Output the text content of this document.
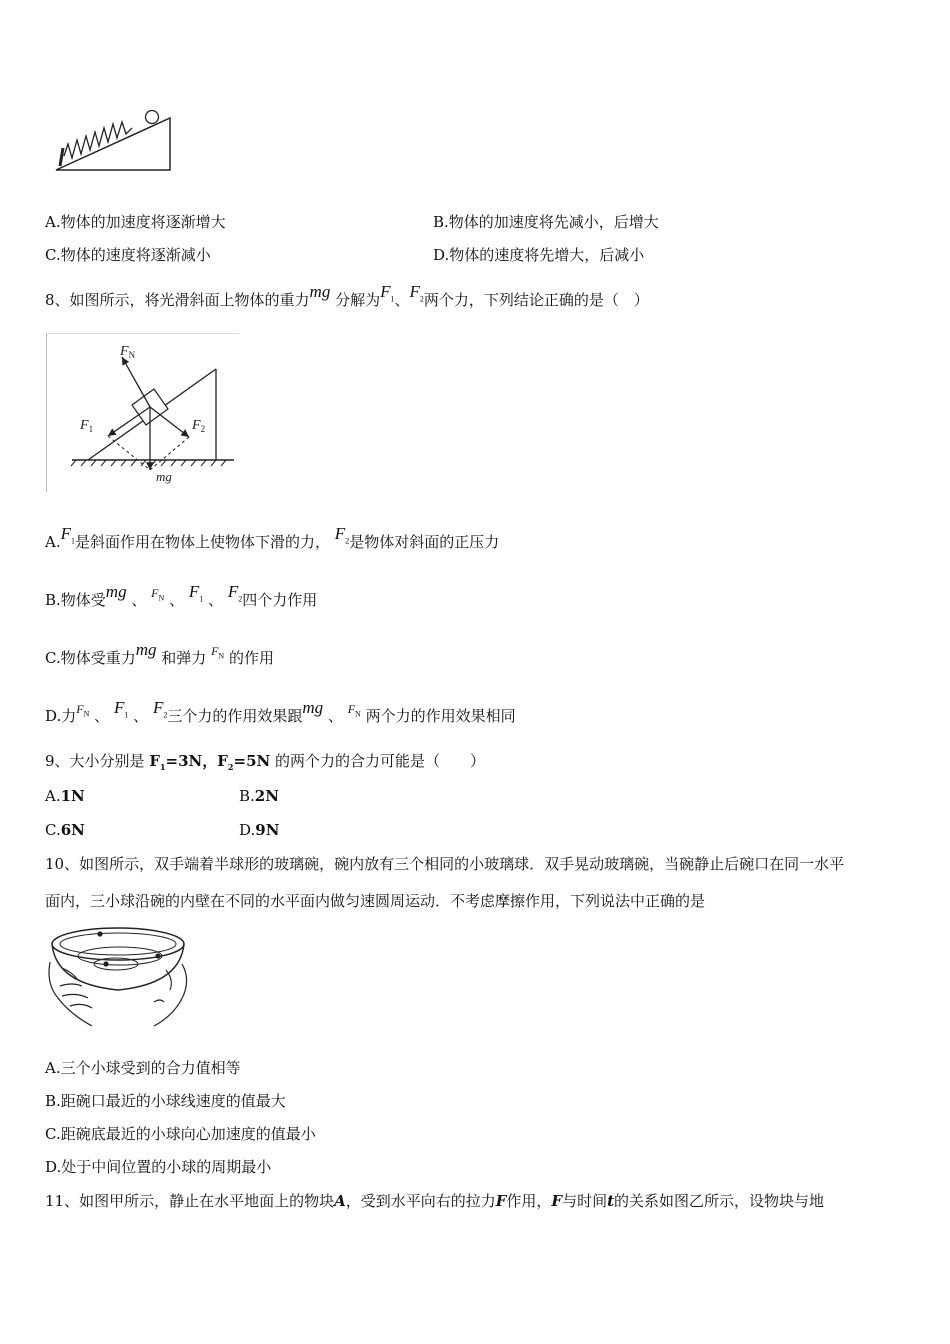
A.物体的加速度将逐渐增大	B.物体的加速度将先减小，后增大
C.物体的速度将逐渐减小	D.物体的速度将先增大，后减小
8、如图所示，将光滑斜面上物体的重力mg 分解为$F_1$、$F_2$两个力，下列结论正确的是（　）
$F_N$
$F_1$	$F_2$
mg
$A.F_1$是斜面作用在物体上使物体下滑的力， $F_2$是物体对斜面的正压力
B.物体受mg 、 $^{F_N}$ 、 $F_1$ 、 $F_2$四个力作用
C.物体受重力mg 和弹力 $^{F_N}$ 的作用
D.力$^{F_N}$ 、 $F_1$ 、 $F_2$三个力的作用效果跟mg 、 $^{F_N}$ 两个力的作用效果相同
9、大小分别是 $F_1=3N$，$F_2=5N$ 的两个力的合力可能是（　　）
A.1N	B.2N
C.6N	D.9N
10、如图所示，双手端着半球形的玻璃碗，碗内放有三个相同的小玻璃球．双手晃动玻璃碗，当碗静止后碗口在同一水平
面内，三小球沿碗的内壁在不同的水平面内做匀速圆周运动．不考虑摩擦作用，下列说法中正确的是
A.三个小球受到的合力值相等
B.距碗口最近的小球线速度的值最大
C.距碗底最近的小球向心加速度的值最小
D.处于中间位置的小球的周期最小
11、如图甲所示，静止在水平地面上的物块A，受到水平向右的拉力F作用，F与时间t的关系如图乙所示，设物块与地
